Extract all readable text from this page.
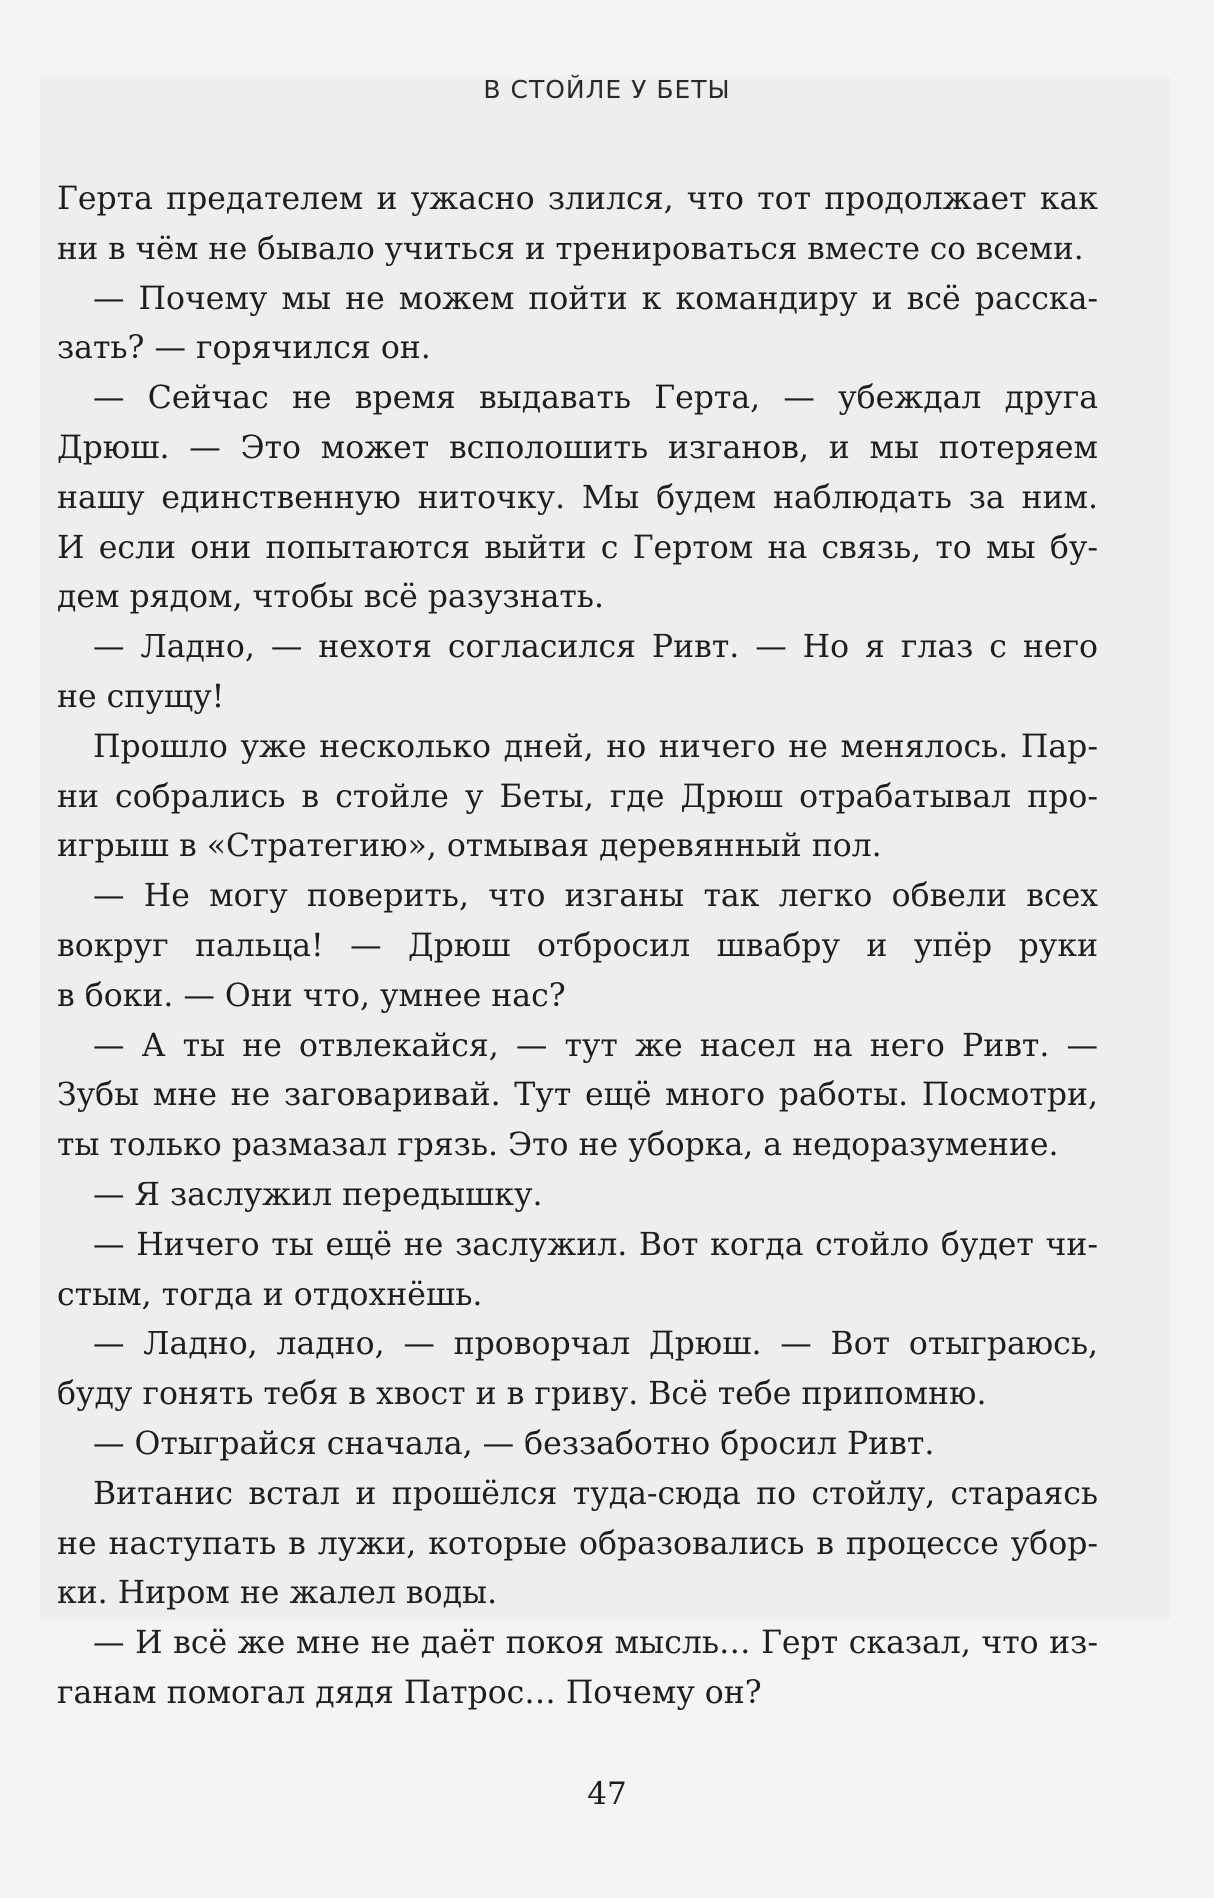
В СТОЙЛЕ У БЕТЫ
Герта предателем и ужасно злился, что тот продолжает как
ни в чём не бывало учиться и тренироваться вместе со всеми.
— Почему мы не можем пойти к командиру и всё расска-
зать? — горячился он.
— Сейчас не время выдавать Герта, — убеждал друга
Дрюш. — Это может всполошить изганов, и мы потеряем
нашу единственную ниточку. Мы будем наблюдать за ним.
И если они попытаются выйти с Гертом на связь, то мы бу-
дем рядом, чтобы всё разузнать.
— Ладно, — нехотя согласился Ривт. — Но я глаз с него
не спущу!
Прошло уже несколько дней, но ничего не менялось. Пар-
ни собрались в стойле у Беты, где Дрюш отрабатывал про-
игрыш в «Стратегию», отмывая деревянный пол.
— Не могу поверить, что изганы так легко обвели всех
вокруг пальца! — Дрюш отбросил швабру и упёр руки
в боки. — Они что, умнее нас?
— А ты не отвлекайся, — тут же насел на него Ривт. —
Зубы мне не заговаривай. Тут ещё много работы. Посмотри,
ты только размазал грязь. Это не уборка, а недоразумение.
— Я заслужил передышку.
— Ничего ты ещё не заслужил. Вот когда стойло будет чи-
стым, тогда и отдохнёшь.
— Ладно, ладно, — проворчал Дрюш. — Вот отыграюсь,
буду гонять тебя в хвост и в гриву. Всё тебе припомню.
— Отыграйся сначала, — беззаботно бросил Ривт.
Витанис встал и прошёлся туда-сюда по стойлу, стараясь
не наступать в лужи, которые образовались в процессе убор-
ки. Ниром не жалел воды.
— И всё же мне не даёт покоя мысль… Герт сказал, что из-
ганам помогал дядя Патрос… Почему он?
47
